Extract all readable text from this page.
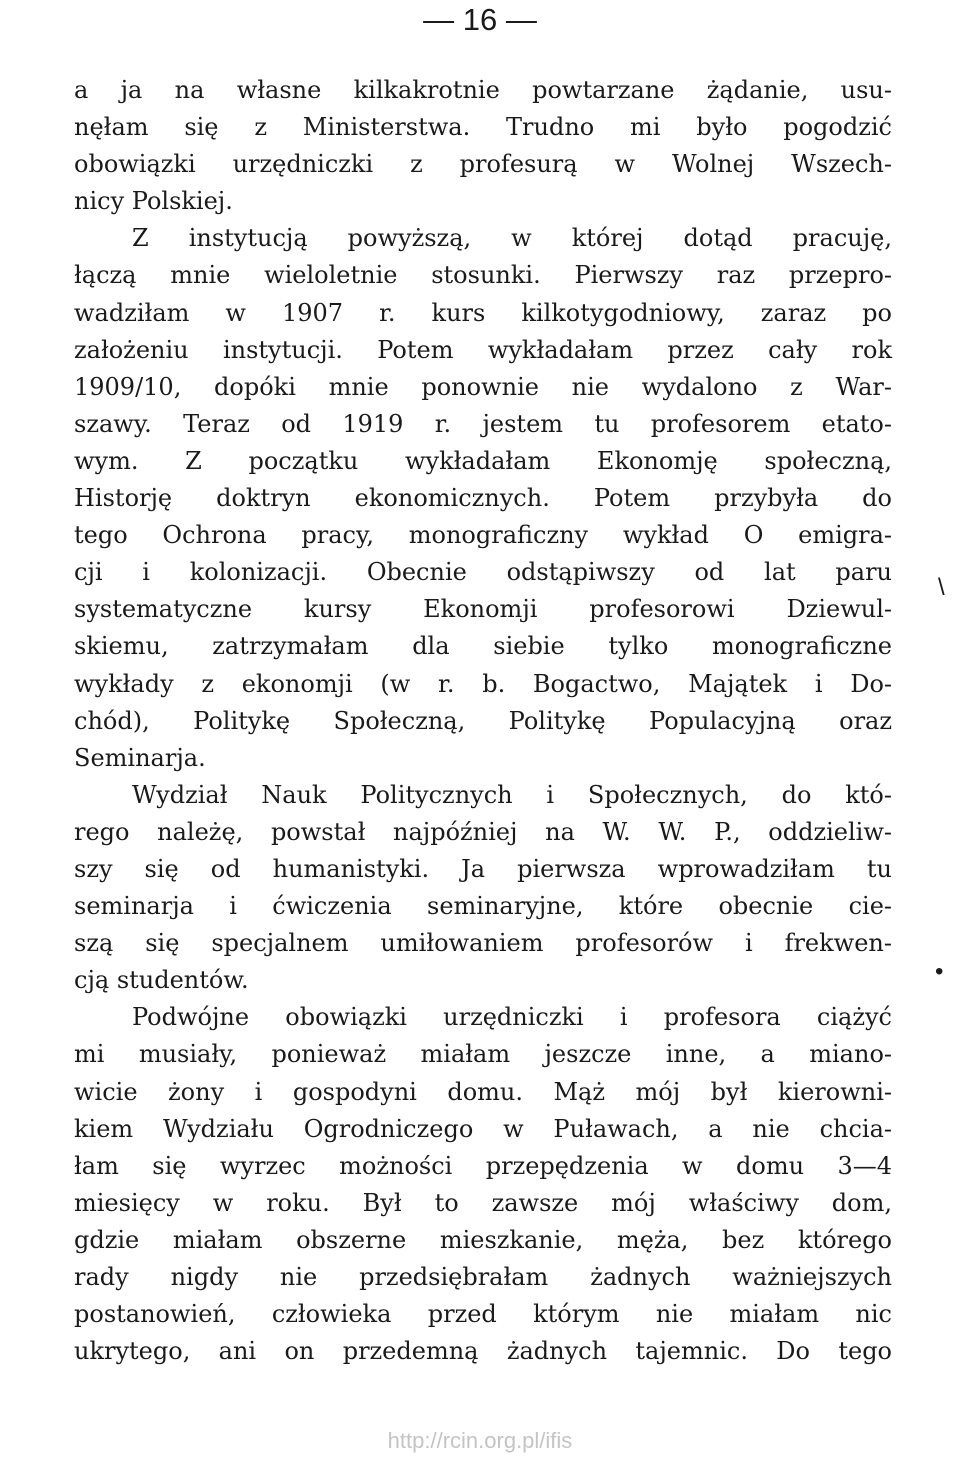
— 16 —
a ja na własne kilkakrotnie powtarzane żądanie, usu-
nęłam się z Ministerstwa. Trudno mi było pogodzić
obowiązki urzędniczki z profesurą w Wolnej Wszech-
nicy Polskiej.
Z instytucją powyższą, w której dotąd pracuję,
łączą mnie wieloletnie stosunki. Pierwszy raz przepro-
wadziłam w 1907 r. kurs kilkotygodniowy, zaraz po
założeniu instytucji. Potem wykładałam przez cały rok
1909/10, dopóki mnie ponownie nie wydalono z War-
szawy. Teraz od 1919 r. jestem tu profesorem etato-
wym. Z początku wykładałam Ekonomję społeczną,
Historję doktryn ekonomicznych. Potem przybyła do
tego Ochrona pracy, monograficzny wykład O emigra-
cji i kolonizacji. Obecnie odstąpiwszy od lat paru
systematyczne kursy Ekonomji profesorowi Dziewul-
skiemu, zatrzymałam dla siebie tylko monograficzne
wykłady z ekonomji (w r. b. Bogactwo, Majątek i Do-
chód), Politykę Społeczną, Politykę Populacyjną oraz
Seminarja.
Wydział Nauk Politycznych i Społecznych, do któ-
rego należę, powstał najpóźniej na W. W. P., oddzieliw-
szy się od humanistyki. Ja pierwsza wprowadziłam tu
seminarja i ćwiczenia seminaryjne, które obecnie cie-
szą się specjalnem umiłowaniem profesorów i frekwen-
cją studentów.
Podwójne obowiązki urzędniczki i profesora ciążyć
mi musiały, ponieważ miałam jeszcze inne, a miano-
wicie żony i gospodyni domu. Mąż mój był kierowni-
kiem Wydziału Ogrodniczego w Puławach, a nie chcia-
łam się wyrzec możności przepędzenia w domu 3—4
miesięcy w roku. Był to zawsze mój właściwy dom,
gdzie miałam obszerne mieszkanie, męża, bez którego
rady nigdy nie przedsiębrałam żadnych ważniejszych
postanowień, człowieka przed którym nie miałam nic
ukrytego, ani on przedemną żadnych tajemnic. Do tego
\
•
http://rcin.org.pl/ifis
